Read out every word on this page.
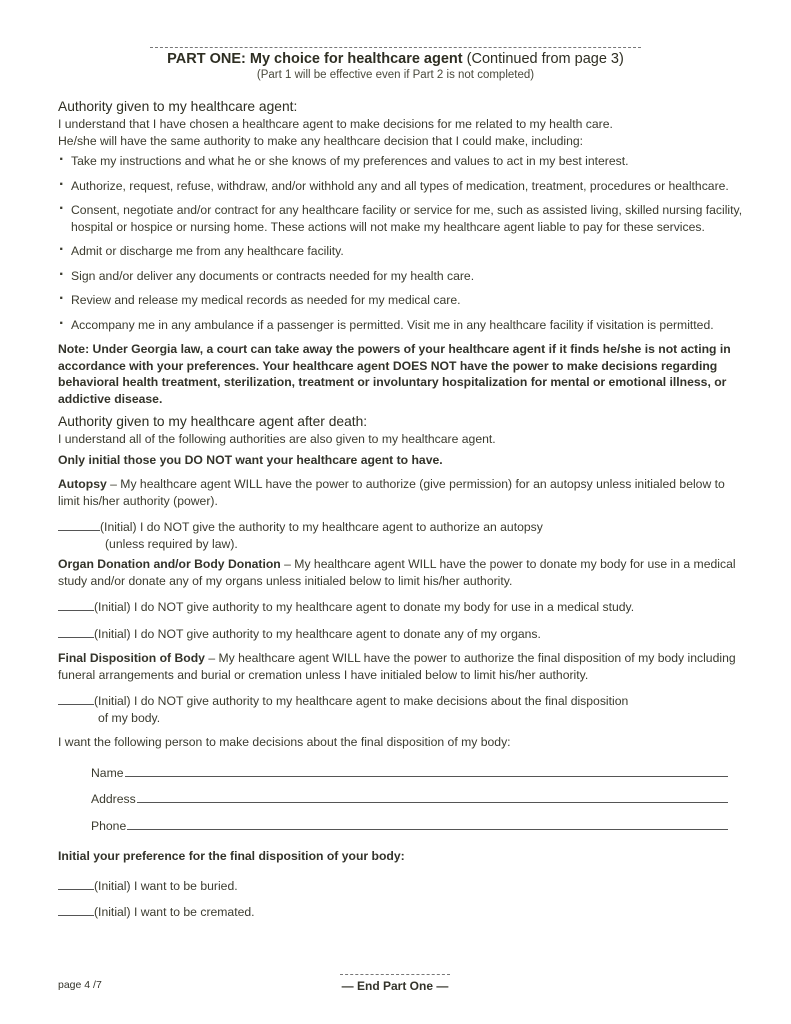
PART ONE: My choice for healthcare agent (Continued from page 3)
(Part 1 will be effective even if Part 2 is not completed)
Authority given to my healthcare agent:

I understand that I have chosen a healthcare agent to make decisions for me related to my health care.

He/she will have the same authority to make any healthcare decision that I could make, including:

· Take my instructions and what he or she knows of my preferences and values to act in my best interest.
· Authorize, request, refuse, withdraw, and/or withhold any and all types of medication, treatment, procedures or healthcare.
· Consent, negotiate and/or contract for any healthcare facility or service for me, such as assisted living, skilled nursing facility, hospital or hospice or nursing home. These actions will not make my healthcare agent liable to pay for these services.
· Admit or discharge me from any healthcare facility.
· Sign and/or deliver any documents or contracts needed for my health care.
· Review and release my medical records as needed for my medical care.
· Accompany me in any ambulance if a passenger is permitted. Visit me in any healthcare facility if visitation is permitted.

Note: Under Georgia law, a court can take away the powers of your healthcare agent if it finds he/she is not acting in accordance with your preferences. Your healthcare agent DOES NOT have the power to make decisions regarding behavioral health treatment, sterilization, treatment or involuntary hospitalization for mental or emotional illness, or addictive disease.

Authority given to my healthcare agent after death:

I understand all of the following authorities are also given to my healthcare agent.

Only initial those you DO NOT want your healthcare agent to have.

Autopsy – My healthcare agent WILL have the power to authorize (give permission) for an autopsy unless initialed below to limit his/her authority (power).

(Initial) I do NOT give the authority to my healthcare agent to authorize an autopsy

(unless required by law).

Organ Donation and/or Body Donation – My healthcare agent WILL have the power to donate my body for use in a medical study and/or donate any of my organs unless initialed below to limit his/her authority.

(Initial) I do NOT give authority to my healthcare agent to donate my body for use in a medical study.

(Initial) I do NOT give authority to my healthcare agent to donate any of my organs.

Final Disposition of Body – My healthcare agent WILL have the power to authorize the final disposition of my body including funeral arrangements and burial or cremation unless I have initialed below to limit his/her authority.

(Initial) I do NOT give authority to my healthcare agent to make decisions about the final disposition

of my body.

I want the following person to make decisions about the final disposition of my body:

Name
Address
Phone

Initial your preference for the final disposition of your body:

(Initial) I want to be buried.

(Initial) I want to be cremated.

page 4 /7	— End Part One —
